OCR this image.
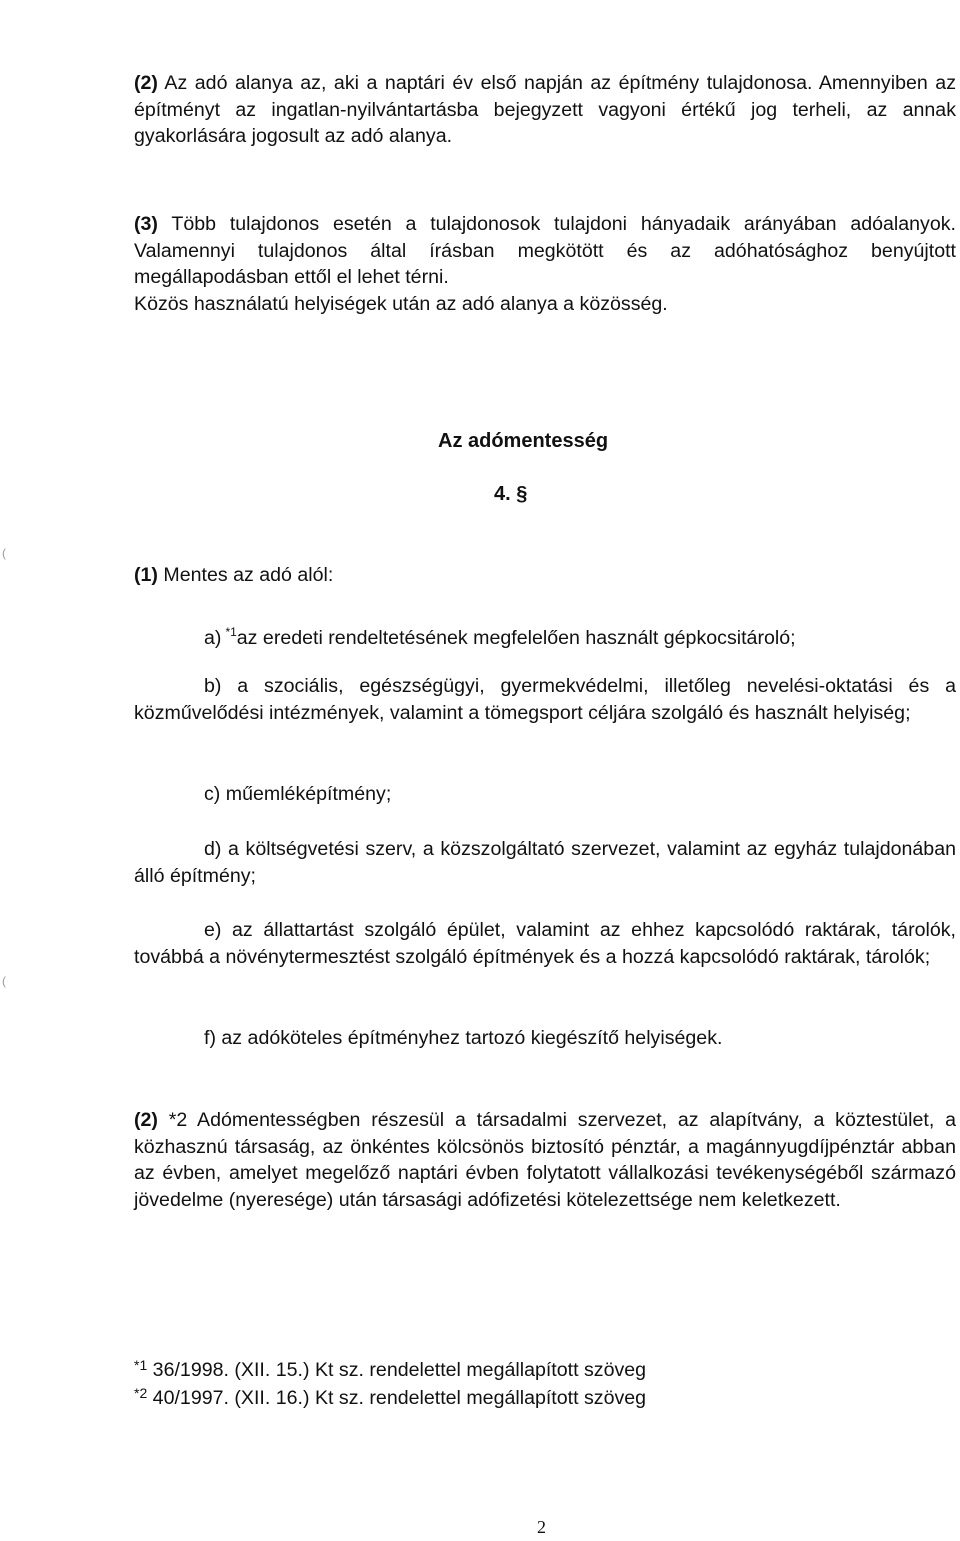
(2) Az adó alanya az, aki a naptári év első napján az építmény tulajdonosa. Amennyiben az építményt az ingatlan-nyilvántartásba bejegyzett vagyoni értékű jog terheli, az annak gyakorlására jogosult az adó alanya.

(3) Több tulajdonos esetén a tulajdonosok tulajdoni hányadaik arányában adóalanyok. Valamennyi tulajdonos által írásban megkötött és az adóhatósághoz benyújtott megállapodásban ettől el lehet térni.

Közös használatú helyiségek után az adó alanya a közösség.

Az adómentesség

4. §

(1) Mentes az adó alól:

a) $^{*1}$az eredeti rendeltetésének megfelelően használt gépkocsitároló;

b) a szociális, egészségügyi, gyermekvédelmi, illetőleg nevelési-oktatási és a közművelődési intézmények, valamint a tömegsport céljára szolgáló és használt helyiség;

c) műemléképítmény;

d) a költségvetési szerv, a közszolgáltató szervezet, valamint az egyház tulajdonában álló építmény;

e) az állattartást szolgáló épület, valamint az ehhez kapcsolódó raktárak, tárolók, továbbá a növénytermesztést szolgáló építmények és a hozzá kapcsolódó raktárak, tárolók;

f) az adóköteles építményhez tartozó kiegészítő helyiségek.

(2) *2 Adómentességben részesül a társadalmi szervezet, az alapítvány, a köztestület, a közhasznú társaság, az önkéntes kölcsönös biztosító pénztár, a magánnyugdíjpénztár abban az évben, amelyet megelőző naptári évben folytatott vállalkozási tevékenységéből származó jövedelme (nyeresége) után társasági adófizetési kötelezettsége nem keletkezett.

$^{*1}$ 36/1998. (XII. 15.) Kt sz. rendelettel megállapított szöveg

$^{*2}$ 40/1997. (XII. 16.) Kt sz. rendelettel megállapított szöveg

2

(
(
